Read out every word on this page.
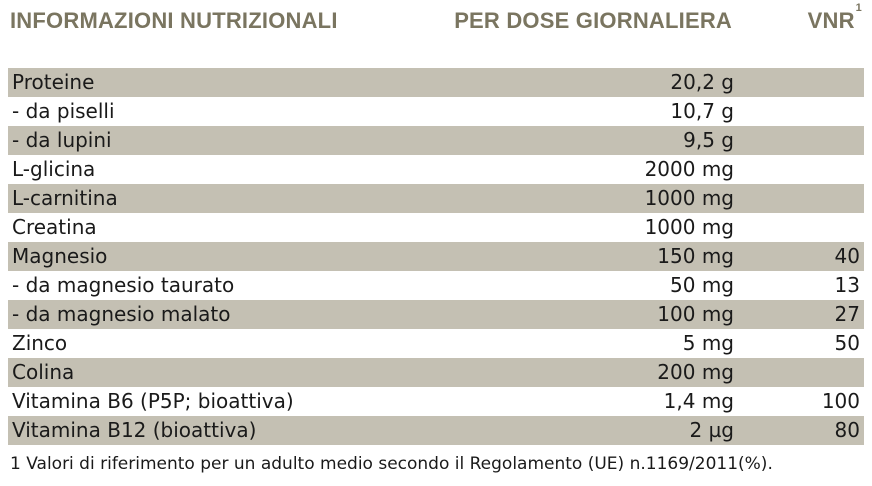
INFORMAZIONI NUTRIZIONALI	PER DOSE GIORNALIERA	VNR$^1$
Proteine	20,2 g
- da piselli	10,7 g
- da lupini	9,5 g
L-glicina	2000 mg
L-carnitina	1000 mg
Creatina	1000 mg
Magnesio	150 mg	40
- da magnesio taurato	50 mg	13
- da magnesio malato	100 mg	27
Zinco	5 mg	50
Colina	200 mg
Vitamina B6 (P5P; bioattiva)	1,4 mg	100
Vitamina B12 (bioattiva)	2 µg	80
1 Valori di riferimento per un adulto medio secondo il Regolamento (UE) n.1169/2011(%).
